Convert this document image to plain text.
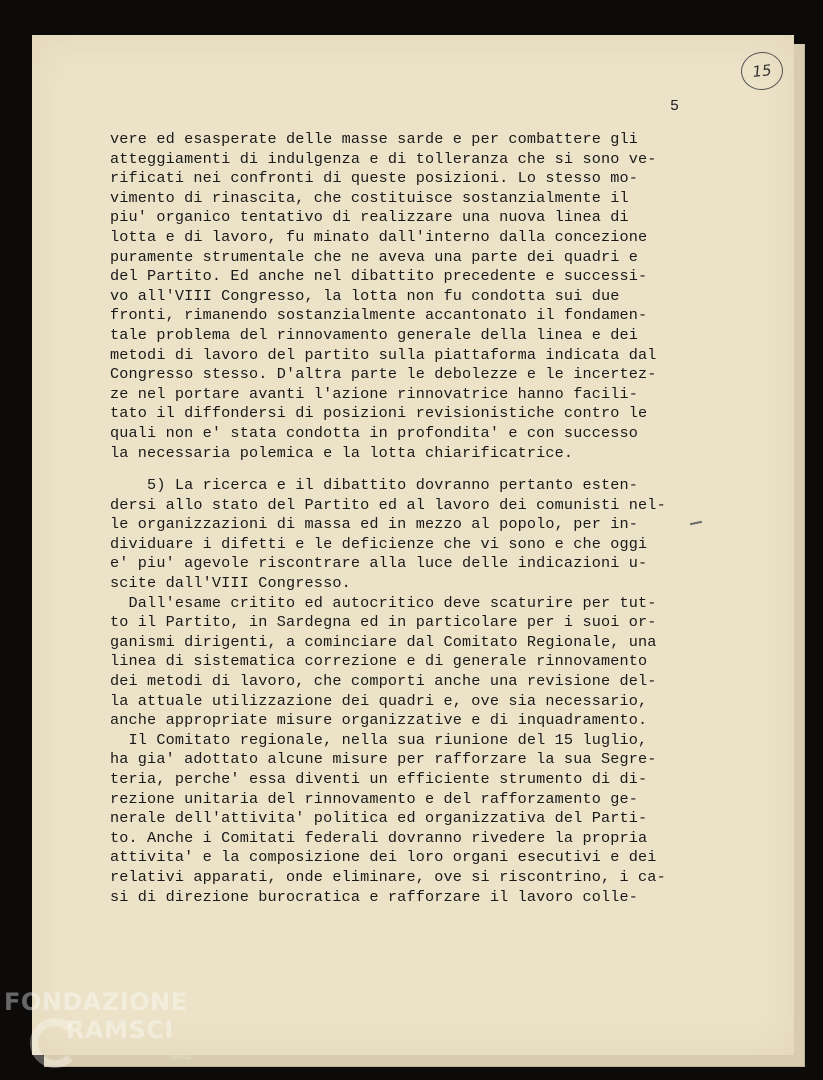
15
5
vere ed esasperate delle masse sarde e per combattere gli
atteggiamenti di indulgenza e di tolleranza che si sono ve-
rificati nei confronti di queste posizioni. Lo stesso mo-
vimento di rinascita, che costituisce sostanzialmente il
piu' organico tentativo di realizzare una nuova linea di
lotta e di lavoro, fu minato dall'interno dalla concezione
puramente strumentale che ne aveva una parte dei quadri e
del Partito. Ed anche nel dibattito precedente e successi-
vo all'VIII Congresso, la lotta non fu condotta sui due
fronti, rimanendo sostanzialmente accantonato il fondamen-
tale problema del rinnovamento generale della linea e dei
metodi di lavoro del partito sulla piattaforma indicata dal
Congresso stesso. D'altra parte le debolezze e le incertez-
ze nel portare avanti l'azione rinnovatrice hanno facili-
tato il diffondersi di posizioni revisionistiche contro le
quali non e' stata condotta in profondita' e con successo
la necessaria polemica e la lotta chiarificatrice.
5) La ricerca e il dibattito dovranno pertanto esten-
dersi allo stato del Partito ed al lavoro dei comunisti nel-
le organizzazioni di massa ed in mezzo al popolo, per in-
dividuare i difetti e le deficienze che vi sono e che oggi
e' piu' agevole riscontrare alla luce delle indicazioni u-
scite dall'VIII Congresso.
Dall'esame critito ed autocritico deve scaturire per tut-
to il Partito, in Sardegna ed in particolare per i suoi or-
ganismi dirigenti, a cominciare dal Comitato Regionale, una
linea di sistematica correzione e di generale rinnovamento
dei metodi di lavoro, che comporti anche una revisione del-
la attuale utilizzazione dei quadri e, ove sia necessario,
anche appropriate misure organizzative e di inquadramento.
Il Comitato regionale, nella sua riunione del 15 luglio,
ha gia' adottato alcune misure per rafforzare la sua Segre-
teria, perche' essa diventi un efficiente strumento di di-
rezione unitaria del rinnovamento e del rafforzamento ge-
nerale dell'attivita' politica ed organizzativa del Parti-
to. Anche i Comitati federali dovranno rivedere la propria
attivita' e la composizione dei loro organi esecutivi e dei
relativi apparati, onde eliminare, ove si riscontrino, i ca-
si di direzione burocratica e rafforzare il lavoro colle-
FONDAZIONE
RAMSCI
onlus
